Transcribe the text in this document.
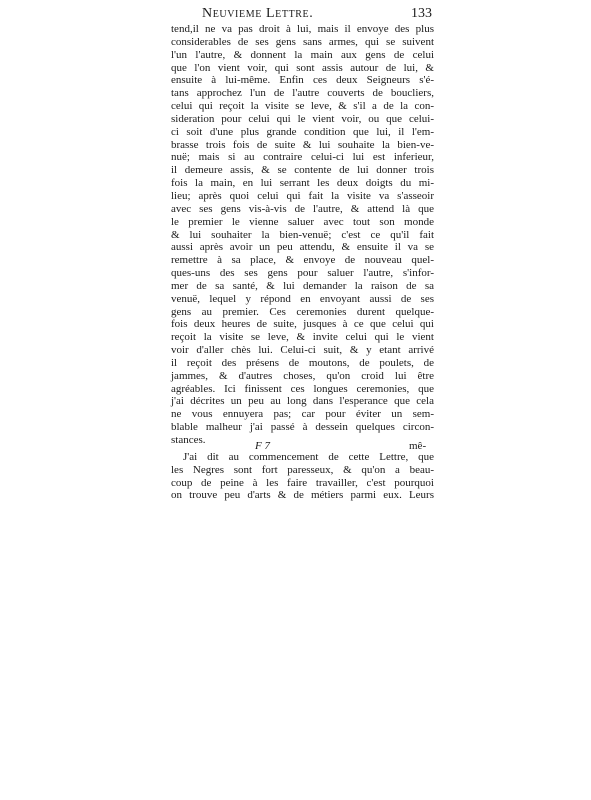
Neuvieme Lettre.	133
tend,il ne va pas droit à lui, mais il envoye des plus
considerables de ses gens sans armes, qui se suivent
l'un l'autre, & donnent la main aux gens de celui
que l'on vient voir, qui sont assis autour de lui, &
ensuite à lui-même. Enfin ces deux Seigneurs s'é-
tans approchez l'un de l'autre couverts de boucliers,
celui qui reçoit la visite se leve, & s'il a de la con-
sideration pour celui qui le vient voir, ou que celui-
ci soit d'une plus grande condition que lui, il l'em-
brasse trois fois de suite & lui souhaite la bien-ve-
nuë; mais si au contraire celui-ci lui est inferieur,
il demeure assis, & se contente de lui donner trois
fois la main, en lui serrant les deux doigts du mi-
lieu; après quoi celui qui fait la visite va s'asseoir
avec ses gens vis-à-vis de l'autre, & attend là que
le premier le vienne saluer avec tout son monde
& lui souhaiter la bien-venuë; c'est ce qu'il fait
aussi après avoir un peu attendu, & ensuite il va se
remettre à sa place, & envoye de nouveau quel-
ques-uns des ses gens pour saluer l'autre, s'infor-
mer de sa santé, & lui demander la raison de sa
venuë, lequel y répond en envoyant aussi de ses
gens au premier. Ces ceremonies durent quelque-
fois deux heures de suite, jusques à ce que celui qui
reçoit la visite se leve, & invite celui qui le vient
voir d'aller chès lui. Celui-ci suit, & y etant arrivé
il reçoit des présens de moutons, de poulets, de
jammes, & d'autres choses, qu'on croid lui être
agréables. Ici finissent ces longues ceremonies, que
j'ai décrites un peu au long dans l'esperance que cela
ne vous ennuyera pas; car pour éviter un sem-
blable malheur j'ai passé à dessein quelques circon-
stances.
J'ai dit au commencement de cette Lettre, que
les Negres sont fort paresseux, & qu'on a beau-
coup de peine à les faire travailler, c'est pourquoi
on trouve peu d'arts & de métiers parmi eux. Leurs
F 7	mê-
